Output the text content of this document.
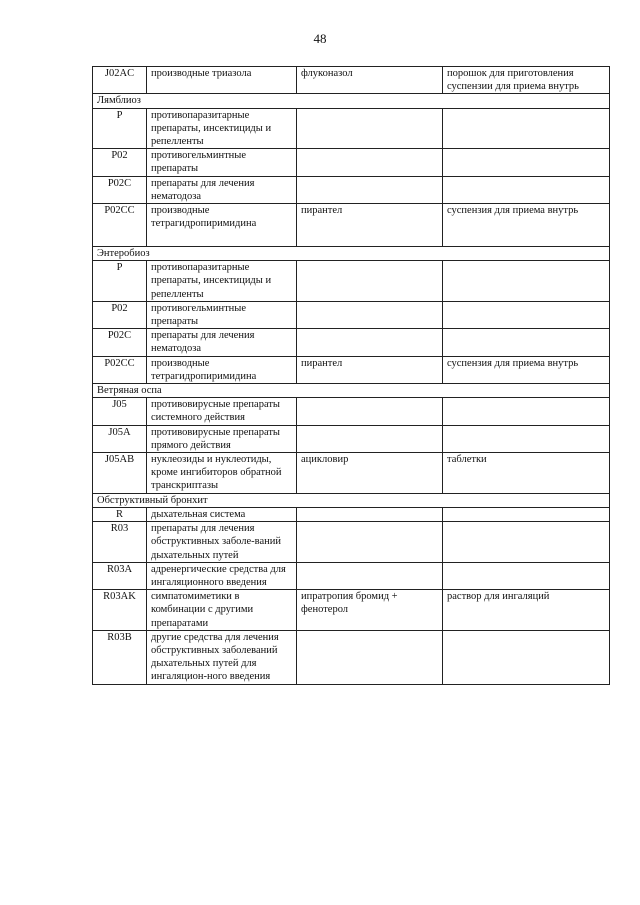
48
J02AC	производные триазола	флуконазол	порошок для приготовления суспензии для приема внутрь
Лямблиоз			
P	противопаразитарные препараты, инсектициды и репелленты		
P02	противогельминтные препараты		
P02C	препараты для лечения нематодоза		
P02CC	производные тетрагидропиримидина	пирантел	суспензия для приема внутрь
Энтеробиоз			
P	противопаразитарные препараты, инсектициды и репелленты		
P02	противогельминтные препараты		
P02C	препараты для лечения нематодоза		
P02CC	производные тетрагидропиримидина	пирантел	суспензия для приема внутрь
Ветряная оспа			
J05	противовирусные препараты системного действия		
J05A	противовирусные препараты прямого действия		
J05AB	нуклеозиды и нуклеотиды, кроме ингибиторов обратной транскриптазы	ацикловир	таблетки
Обструктивный бронхит			
R	дыхательная система		
R03	препараты для лечения обструктивных заболе-ваний дыхательных путей		
R03A	адренергические средства для ингаляционного введения		
R03AK	симпатомиметики в комбинации с другими препаратами	ипратропия бромид + фенотерол	раствор для ингаляций
R03B	другие средства для лечения обструктивных заболеваний дыхательных путей для ингаляцион-ного введения		
